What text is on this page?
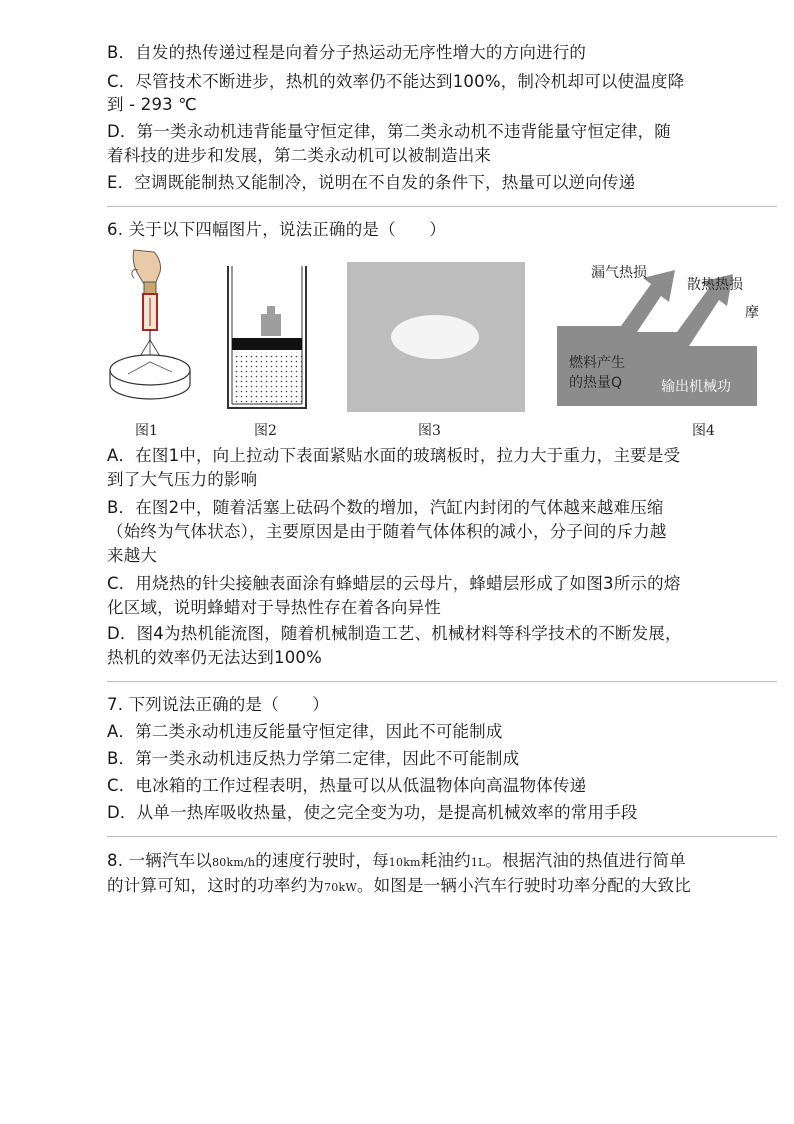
B．自发的热传递过程是向着分子热运动无序性增大的方向进行的
C．尽管技术不断进步，热机的效率仍不能达到100%，制冷机却可以使温度降
到 - 293 ℃
D．第一类永动机违背能量守恒定律，第二类永动机不违背能量守恒定律，随
着科技的进步和发展，第二类永动机可以被制造出来
E．空调既能制热又能制冷，说明在不自发的条件下，热量可以逆向传递
6. 关于以下四幅图片，说法正确的是（　　）
图1	图2	图3
漏气热损
散热热损
摩
燃料产生
的热量Q	输出机械功
图4
A．在图1中，向上拉动下表面紧贴水面的玻璃板时，拉力大于重力，主要是受
到了大气压力的影响
B．在图2中，随着活塞上砝码个数的增加，汽缸内封闭的气体越来越难压缩
（始终为气体状态），主要原因是由于随着气体体积的减小，分子间的斥力越
来越大
C．用烧热的针尖接触表面涂有蜂蜡层的云母片，蜂蜡层形成了如图3所示的熔
化区域，说明蜂蜡对于导热性存在着各向异性
D．图4为热机能流图，随着机械制造工艺、机械材料等科学技术的不断发展，
热机的效率仍无法达到100%
7. 下列说法正确的是（　　）
A．第二类永动机违反能量守恒定律，因此不可能制成
B．第一类永动机违反热力学第二定律，因此不可能制成
C．电冰箱的工作过程表明，热量可以从低温物体向高温物体传递
D．从单一热库吸收热量，使之完全变为功，是提高机械效率的常用手段
8. 一辆汽车以80km/h的速度行驶时，每10km耗油约1L。根据汽油的热值进行简单
的计算可知，这时的功率约为70kW。如图是一辆小汽车行驶时功率分配的大致比
